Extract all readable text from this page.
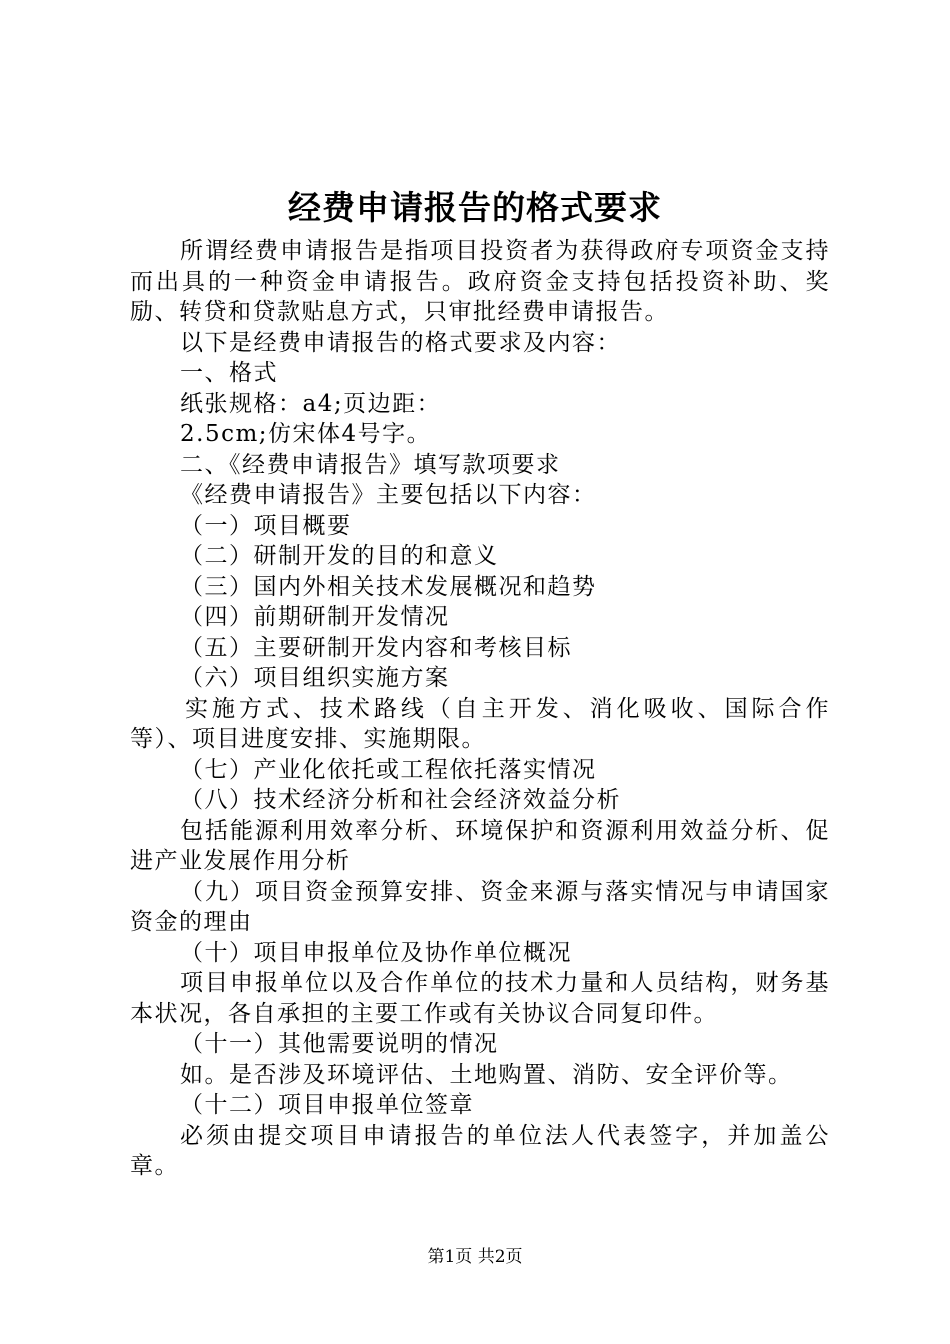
经费申请报告的格式要求

所谓经费申请报告是指项目投资者为获得政府专项资金支持而出具的一种资金申请报告。政府资金支持包括投资补助、奖励、转贷和贷款贴息方式，只审批经费申请报告。

以下是经费申请报告的格式要求及内容：

一、格式

纸张规格：a4;页边距：

2.5cm;仿宋体4号字。

二、《经费申请报告》填写款项要求

《经费申请报告》主要包括以下内容：

（一）项目概要

（二）研制开发的目的和意义

（三）国内外相关技术发展概况和趋势

（四）前期研制开发情况

（五）主要研制开发内容和考核目标

（六）项目组织实施方案

实施方式、技术路线（自主开发、消化吸收、国际合作等）、项目进度安排、实施期限。

（七）产业化依托或工程依托落实情况

（八）技术经济分析和社会经济效益分析

包括能源利用效率分析、环境保护和资源利用效益分析、促进产业发展作用分析

（九）项目资金预算安排、资金来源与落实情况与申请国家资金的理由

（十）项目申报单位及协作单位概况

项目申报单位以及合作单位的技术力量和人员结构，财务基本状况，各自承担的主要工作或有关协议合同复印件。

（十一）其他需要说明的情况

如。是否涉及环境评估、土地购置、消防、安全评价等。

（十二）项目申报单位签章

必须由提交项目申请报告的单位法人代表签字，并加盖公章。

第1页 共2页
